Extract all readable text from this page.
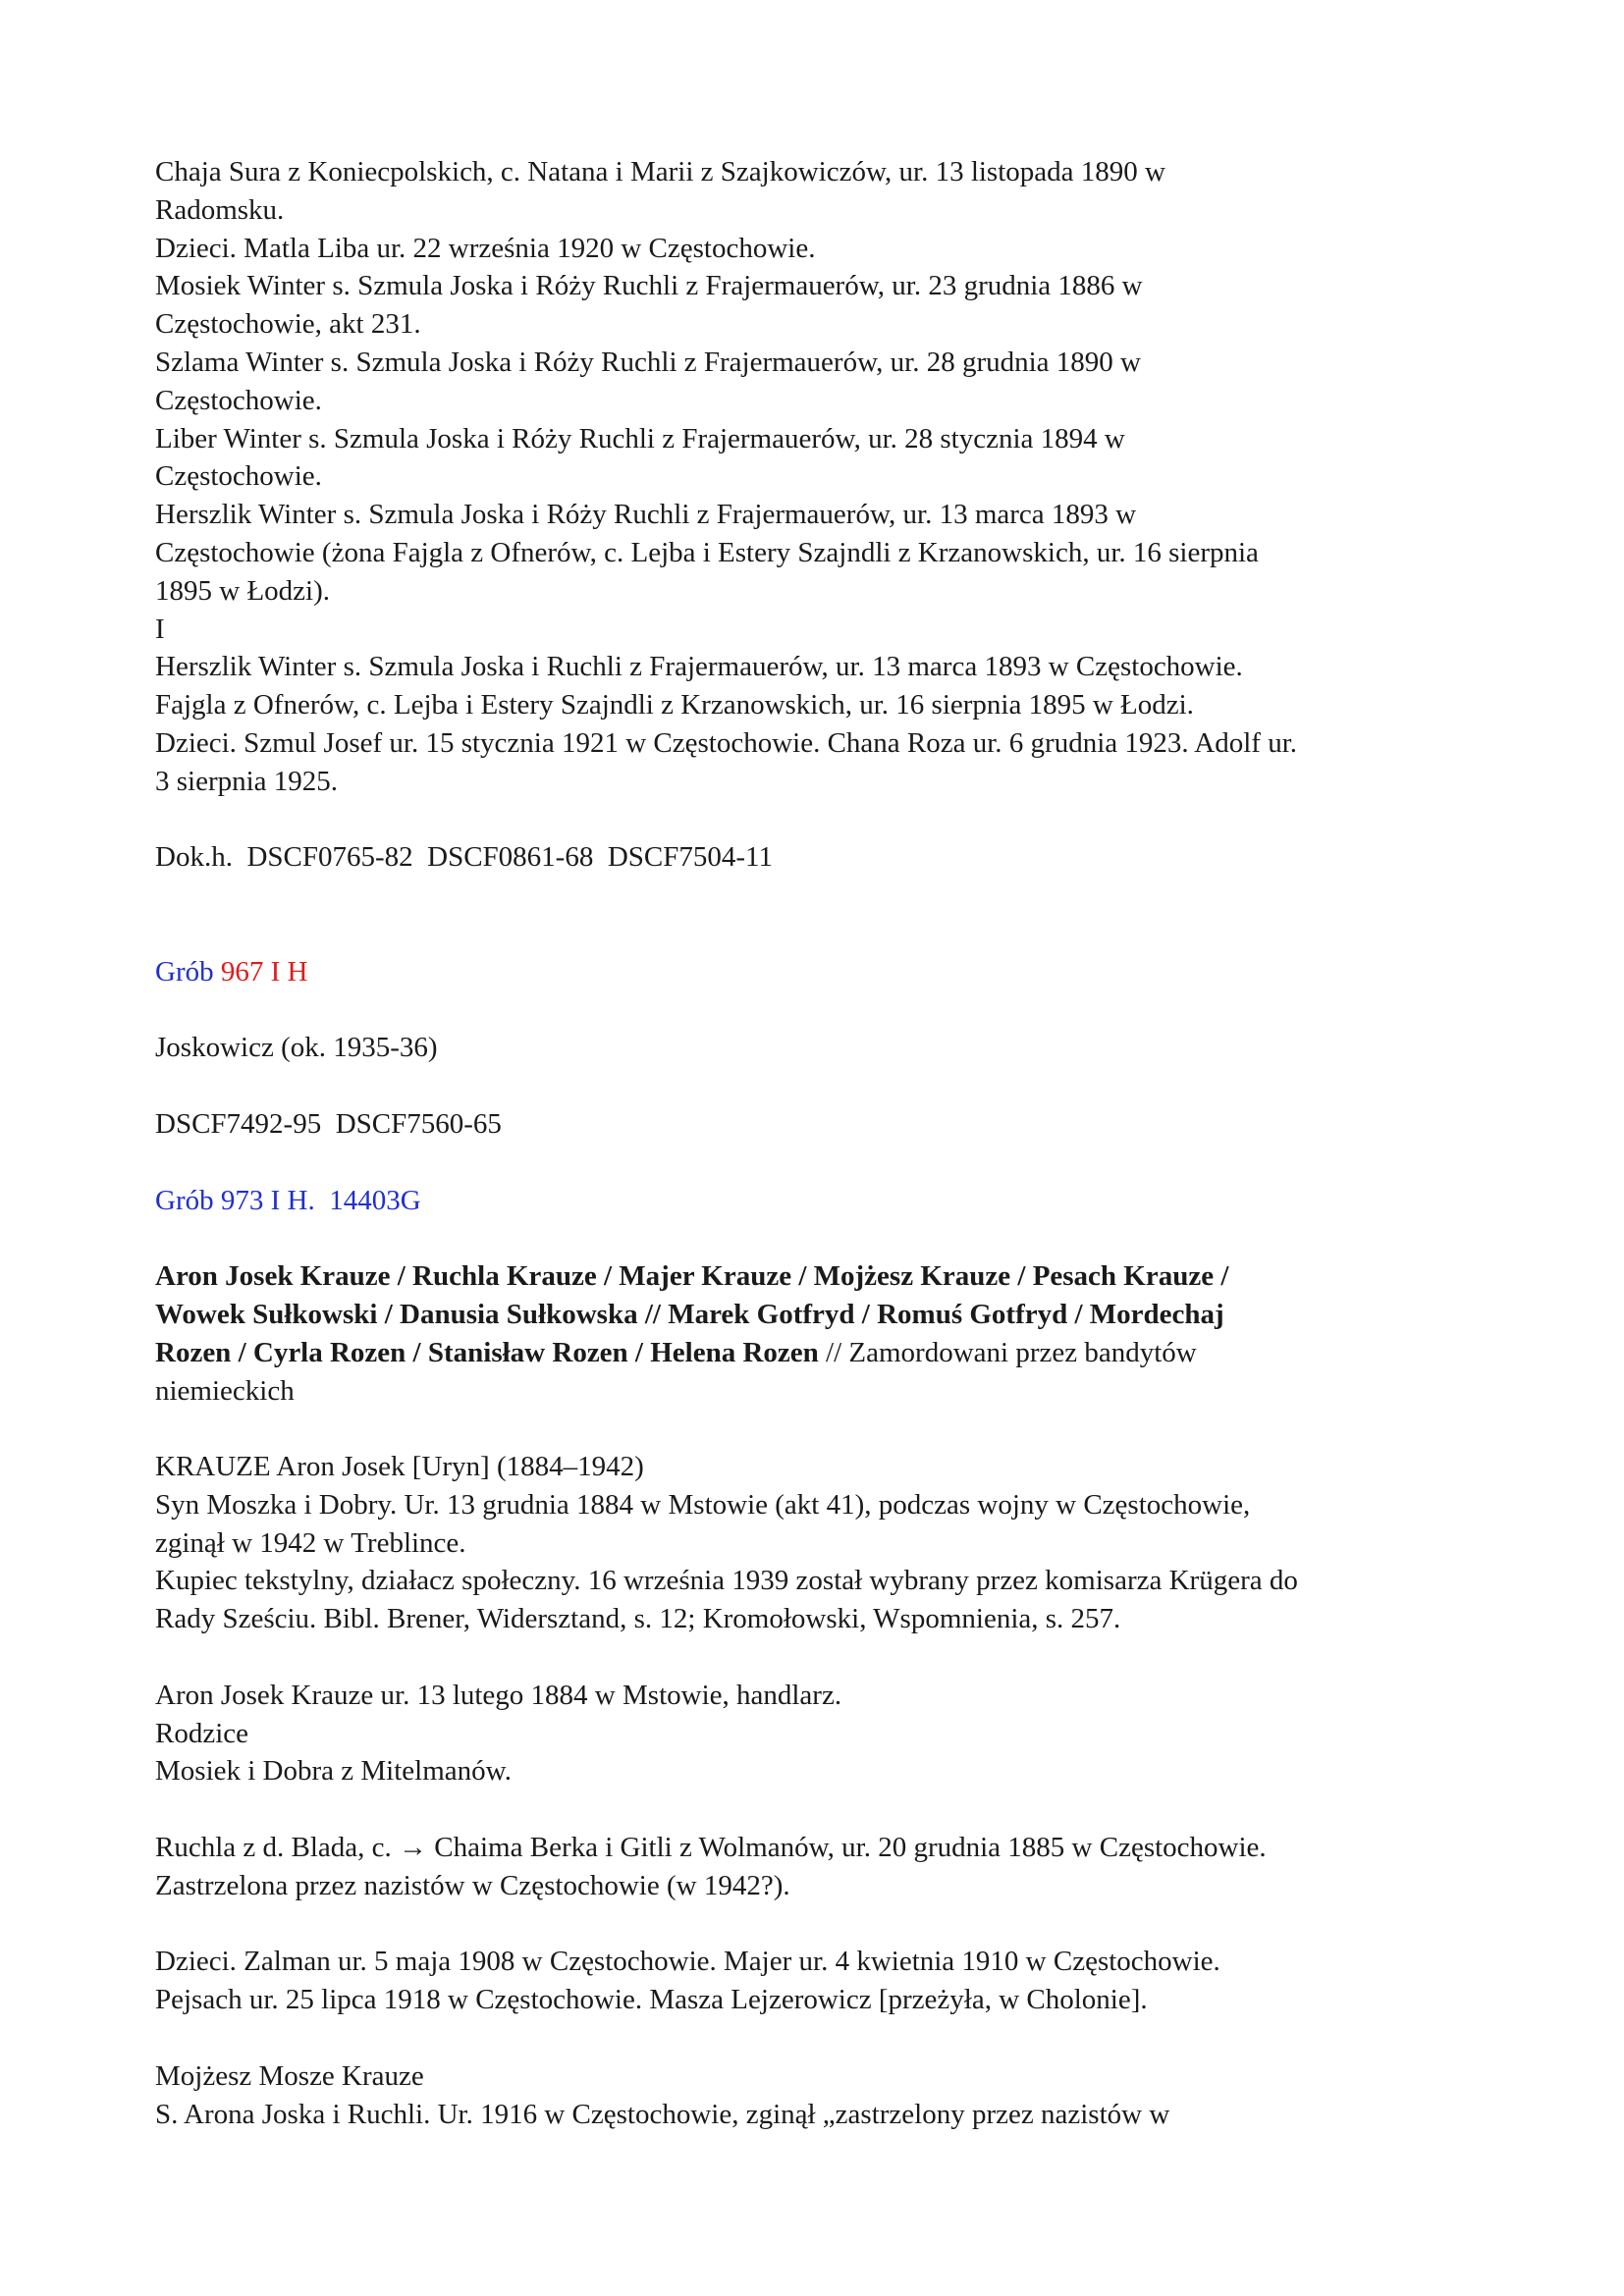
Chaja Sura z Koniecpolskich, c. Natana i Marii z Szajkowiczów, ur. 13 listopada 1890 w

Radomsku.

Dzieci. Matla Liba ur. 22 września 1920 w Częstochowie.

Mosiek Winter s. Szmula Joska i Róży Ruchli z Frajermauerów, ur. 23 grudnia 1886 w

Częstochowie, akt 231.

Szlama Winter s. Szmula Joska i Róży Ruchli z Frajermauerów, ur. 28 grudnia 1890 w

Częstochowie.

Liber Winter s. Szmula Joska i Róży Ruchli z Frajermauerów, ur. 28 stycznia 1894 w

Częstochowie.

Herszlik Winter s. Szmula Joska i Róży Ruchli z Frajermauerów, ur. 13 marca 1893 w

Częstochowie (żona Fajgla z Ofnerów, c. Lejba i Estery Szajndli z Krzanowskich, ur. 16 sierpnia

1895 w Łodzi).

I

Herszlik Winter s. Szmula Joska i Ruchli z Frajermauerów, ur. 13 marca 1893 w Częstochowie.

Fajgla z Ofnerów, c. Lejba i Estery Szajndli z Krzanowskich, ur. 16 sierpnia 1895 w Łodzi.

Dzieci. Szmul Josef ur. 15 stycznia 1921 w Częstochowie. Chana Roza ur. 6 grudnia 1923. Adolf ur.

3 sierpnia 1925.

Dok.h.  DSCF0765-82  DSCF0861-68  DSCF7504-11

Grób 967 I H

Joskowicz (ok. 1935-36)

DSCF7492-95  DSCF7560-65

Grób 973 I H.  14403G

Aron Josek Krauze / Ruchla Krauze / Majer Krauze / Mojżesz Krauze / Pesach Krauze /

Wowek Sułkowski / Danusia Sułkowska // Marek Gotfryd / Romuś Gotfryd / Mordechaj

Rozen / Cyrla Rozen / Stanisław Rozen / Helena Rozen // Zamordowani przez bandytów

niemieckich

KRAUZE Aron Josek [Uryn] (1884–1942)

Syn Moszka i Dobry. Ur. 13 grudnia 1884 w Mstowie (akt 41), podczas wojny w Częstochowie,

zginął w 1942 w Treblince.

Kupiec tekstylny, działacz społeczny. 16 września 1939 został wybrany przez komisarza Krügera do

Rady Sześciu. Bibl. Brener, Widersztand, s. 12; Kromołowski, Wspomnienia, s. 257.

Aron Josek Krauze ur. 13 lutego 1884 w Mstowie, handlarz.

Rodzice

Mosiek i Dobra z Mitelmanów.

Ruchla z d. Blada, c. → Chaima Berka i Gitli z Wolmanów, ur. 20 grudnia 1885 w Częstochowie.

Zastrzelona przez nazistów w Częstochowie (w 1942?).

Dzieci. Zalman ur. 5 maja 1908 w Częstochowie. Majer ur. 4 kwietnia 1910 w Częstochowie.

Pejsach ur. 25 lipca 1918 w Częstochowie. Masza Lejzerowicz [przeżyła, w Cholonie].

Mojżesz Mosze Krauze

S. Arona Joska i Ruchli. Ur. 1916 w Częstochowie, zginął „zastrzelony przez nazistów w
